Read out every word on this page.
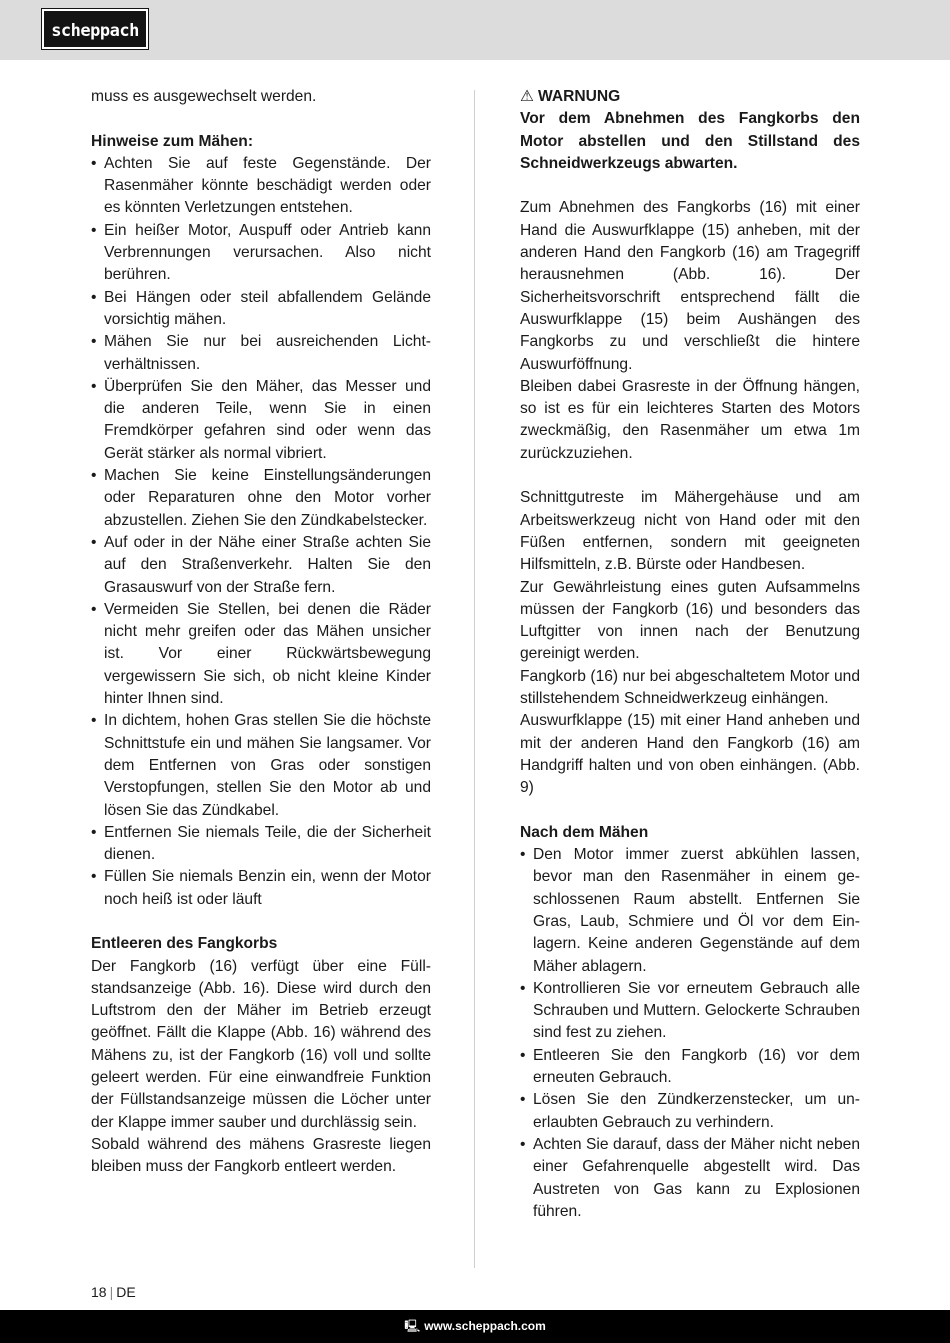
scheppach

muss es ausgewechselt werden.

Hinweise zum Mähen:

• Achten Sie auf feste Gegenstände. Der Rasenmäher könnte beschädigt werden oder es könnten Verletzungen entstehen.
• Ein heißer Motor, Auspuff oder Antrieb kann Verbrennungen verursachen. Also nicht berühren.
• Bei Hängen oder steil abfallendem Gelände vorsichtig mähen.
• Mähen Sie nur bei ausreichenden Lichtverhältnissen.
• Überprüfen Sie den Mäher, das Messer und die anderen Teile, wenn Sie in einen Fremdkörper gefahren sind oder wenn das Gerät stärker als normal vibriert.
• Machen Sie keine Einstellungsänderungen oder Reparaturen ohne den Motor vorher abzustellen. Ziehen Sie den Zündkabelstecker.
• Auf oder in der Nähe einer Straße achten Sie auf den Straßenverkehr. Halten Sie den Grasauswurf von der Straße fern.
• Vermeiden Sie Stellen, bei denen die Räder nicht mehr greifen oder das Mähen unsicher ist. Vor einer Rückwärtsbewegung vergewissern Sie sich, ob nicht kleine Kinder hinter Ihnen sind.
• In dichtem, hohen Gras stellen Sie die höchste Schnittstufe ein und mähen Sie langsamer. Vor dem Entfernen von Gras oder sonstigen Verstopfungen, stellen Sie den Motor ab und lösen Sie das Zündkabel.
• Entfernen Sie niemals Teile, die der Sicherheit dienen.
• Füllen Sie niemals Benzin ein, wenn der Motor noch heiß ist oder läuft

Entleeren des Fangkorbs

Der Fangkorb (16) verfügt über eine Füllstandsanzeige (Abb. 16). Diese wird durch den Luftstrom den der Mäher im Betrieb erzeugt geöffnet. Fällt die Klappe (Abb. 16) während des Mähens zu, ist der Fangkorb (16) voll und sollte geleert werden. Für eine einwandfreie Funktion der Füllstandsanzeige müssen die Löcher unter der Klappe immer sauber und durchlässig sein.

Sobald während des mähens Grasreste liegen bleiben muss der Fangkorb entleert werden.

⚠ WARNUNG

Vor dem Abnehmen des Fangkorbs den Motor abstellen und den Stillstand des Schneidwerkzeugs abwarten.

Zum Abnehmen des Fangkorbs (16) mit einer Hand die Auswurfklappe (15) anheben, mit der anderen Hand den Fangkorb (16) am Tragegriff herausnehmen (Abb. 16). Der Sicherheitsvorschrift entsprechend fällt die Auswurfklappe (15) beim Aushängen des Fangkorbs zu und verschließt die hintere Auswurföffnung.

Bleiben dabei Grasreste in der Öffnung hängen, so ist es für ein leichteres Starten des Motors zweckmäßig, den Rasenmäher um etwa 1m zurückzuziehen.

Schnittgutreste im Mähergehäuse und am Arbeitswerkzeug nicht von Hand oder mit den Füßen entfernen, sondern mit geeigneten Hilfsmitteln, z.B. Bürste oder Handbesen.

Zur Gewährleistung eines guten Aufsammelns müssen der Fangkorb (16) und besonders das Luftgitter von innen nach der Benutzung gereinigt werden.

Fangkorb (16) nur bei abgeschaltetem Motor und stillstehendem Schneidwerkzeug einhängen.

Auswurfklappe (15) mit einer Hand anheben und mit der anderen Hand den Fangkorb (16) am Handgriff halten und von oben einhängen. (Abb. 9)

Nach dem Mähen

• Den Motor immer zuerst abkühlen lassen, bevor man den Rasenmäher in einem geschlossenen Raum abstellt. Entfernen Sie Gras, Laub, Schmiere und Öl vor dem Einlagern. Keine anderen Gegenstände auf dem Mäher ablagern.
• Kontrollieren Sie vor erneutem Gebrauch alle Schrauben und Muttern. Gelockerte Schrauben sind fest zu ziehen.
• Entleeren Sie den Fangkorb (16) vor dem erneuten Gebrauch.
• Lösen Sie den Zündkerzenstecker, um unerlaubten Gebrauch zu verhindern.
• Achten Sie darauf, dass der Mäher nicht neben einer Gefahrenquelle abgestellt wird. Das Austreten von Gas kann zu Explosionen führen.
18 | DE
🖳 www.scheppach.com
